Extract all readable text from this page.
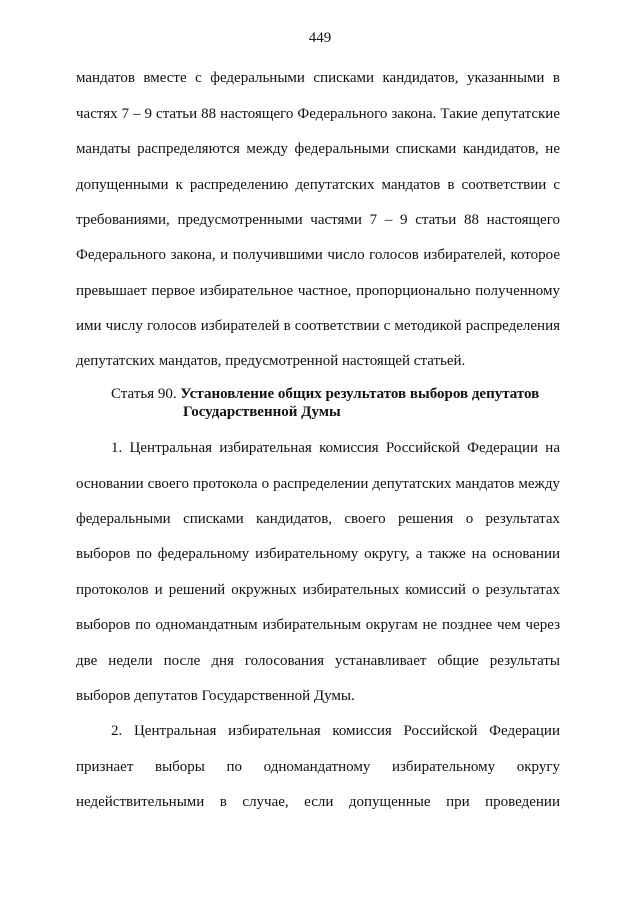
449
мандатов вместе с федеральными списками кандидатов, указанными в
частях 7 – 9 статьи 88 настоящего Федерального закона. Такие депутатские
мандаты распределяются между федеральными списками кандидатов, не
допущенными к распределению депутатских мандатов в соответствии с
требованиями, предусмотренными частями 7 – 9 статьи 88 настоящего
Федерального закона, и получившими число голосов избирателей, которое
превышает первое избирательное частное, пропорционально полученному
ими числу голосов избирателей в соответствии с методикой распределения
депутатских мандатов, предусмотренной настоящей статьей.
Статья 90. Установление общих результатов выборов депутатов
Государственной Думы
1. Центральная избирательная комиссия Российской Федерации на
основании своего протокола о распределении депутатских мандатов между
федеральными списками кандидатов, своего решения о результатах
выборов по федеральному избирательному округу, а также на основании
протоколов и решений окружных избирательных комиссий о результатах
выборов по одномандатным избирательным округам не позднее чем через
две недели после дня голосования устанавливает общие результаты
выборов депутатов Государственной Думы.
2. Центральная избирательная комиссия Российской Федерации
признает выборы по одномандатному избирательному округу
недействительными в случае, если допущенные при проведении
